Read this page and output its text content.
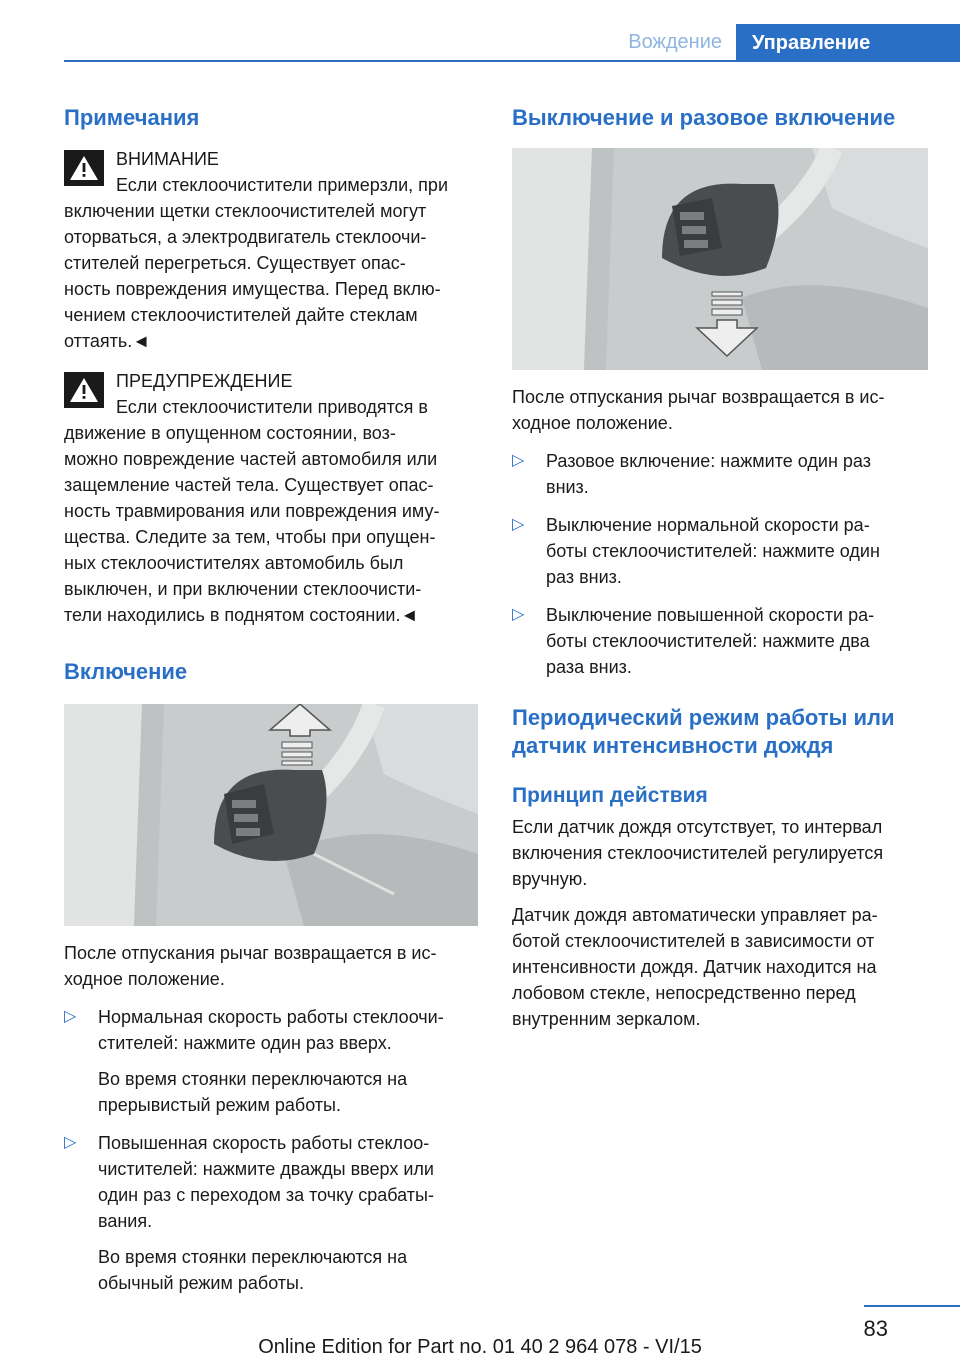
Вождение	Управление
Примечания
ВНИМАНИЕ
Если стеклоочистители примерзли, при

включении щетки стеклоочистителей могут

оторваться, а электродвигатель стеклоочи-

стителей перегреться. Существует опас-

ность повреждения имущества. Перед вклю-

чением стеклоочистителей дайте стеклам

оттаять.◄

ПРЕДУПРЕЖДЕНИЕ
Если стеклоочистители приводятся в

движение в опущенном состоянии, воз-

можно повреждение частей автомобиля или

защемление частей тела. Существует опас-

ность травмирования или повреждения иму-

щества. Следите за тем, чтобы при опущен-

ных стеклоочистителях автомобиль был

выключен, и при включении стеклоочисти-

тели находились в поднятом состоянии.◄

Включение

После отпускания рычаг возвращается в ис-

ходное положение.

▷ Нормальная скорость работы стеклоочи-

стителей: нажмите один раз вверх.

Во время стоянки переключаются на

прерывистый режим работы.

▷ Повышенная скорость работы стеклоо-

чистителей: нажмите дважды вверх или

один раз с переходом за точку срабаты-

вания.

Во время стоянки переключаются на

обычный режим работы.

Выключение и разовое включение

После отпускания рычаг возвращается в ис-

ходное положение.

▷ Разовое включение: нажмите один раз

вниз.

▷ Выключение нормальной скорости ра-

боты стеклоочистителей: нажмите один

раз вниз.

▷ Выключение повышенной скорости ра-

боты стеклоочистителей: нажмите два

раза вниз.

Периодический режим работы или
датчик интенсивности дождя
Принцип действия

Если датчик дождя отсутствует, то интервал

включения стеклоочистителей регулируется

вручную.

Датчик дождя автоматически управляет ра-

ботой стеклоочистителей в зависимости от

интенсивности дождя. Датчик находится на

лобовом стекле, непосредственно перед

внутренним зеркалом.

83
Online Edition for Part no. 01 40 2 964 078 - VI/15
